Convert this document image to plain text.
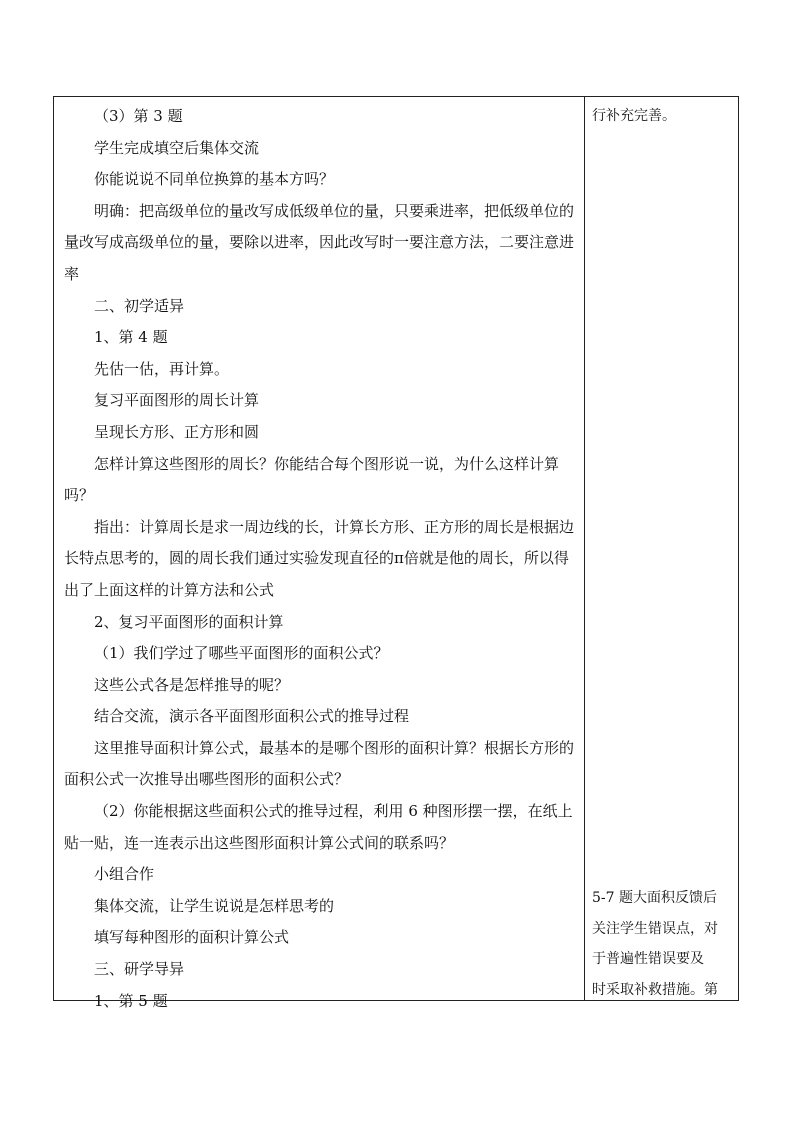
（3）第 3 题

学生完成填空后集体交流

你能说说不同单位换算的基本方吗？

明确：把高级单位的量改写成低级单位的量，只要乘进率，把低级单位的量改写成高级单位的量，要除以进率，因此改写时一要注意方法，二要注意进率

二、初学适异

1、第 4 题

先估一估，再计算。

复习平面图形的周长计算

呈现长方形、正方形和圆

怎样计算这些图形的周长？你能结合每个图形说一说，为什么这样计算吗？

指出：计算周长是求一周边线的长，计算长方形、正方形的周长是根据边长特点思考的，圆的周长我们通过实验发现直径的π倍就是他的周长，所以得出了上面这样的计算方法和公式

2、复习平面图形的面积计算

（1）我们学过了哪些平面图形的面积公式？

这些公式各是怎样推导的呢？

结合交流，演示各平面图形面积公式的推导过程

这里推导面积计算公式，最基本的是哪个图形的面积计算？根据长方形的面积公式一次推导出哪些图形的面积公式？

（2）你能根据这些面积公式的推导过程，利用 6 种图形摆一摆，在纸上贴一贴，连一连表示出这些图形面积计算公式间的联系吗？

小组合作

集体交流，让学生说说是怎样思考的

填写每种图形的面积计算公式

三、研学导异

1、第 5 题

行补充完善。

5-7 题大面积反馈后

关注学生错误点，对

于普遍性错误要及

时采取补救措施。第
